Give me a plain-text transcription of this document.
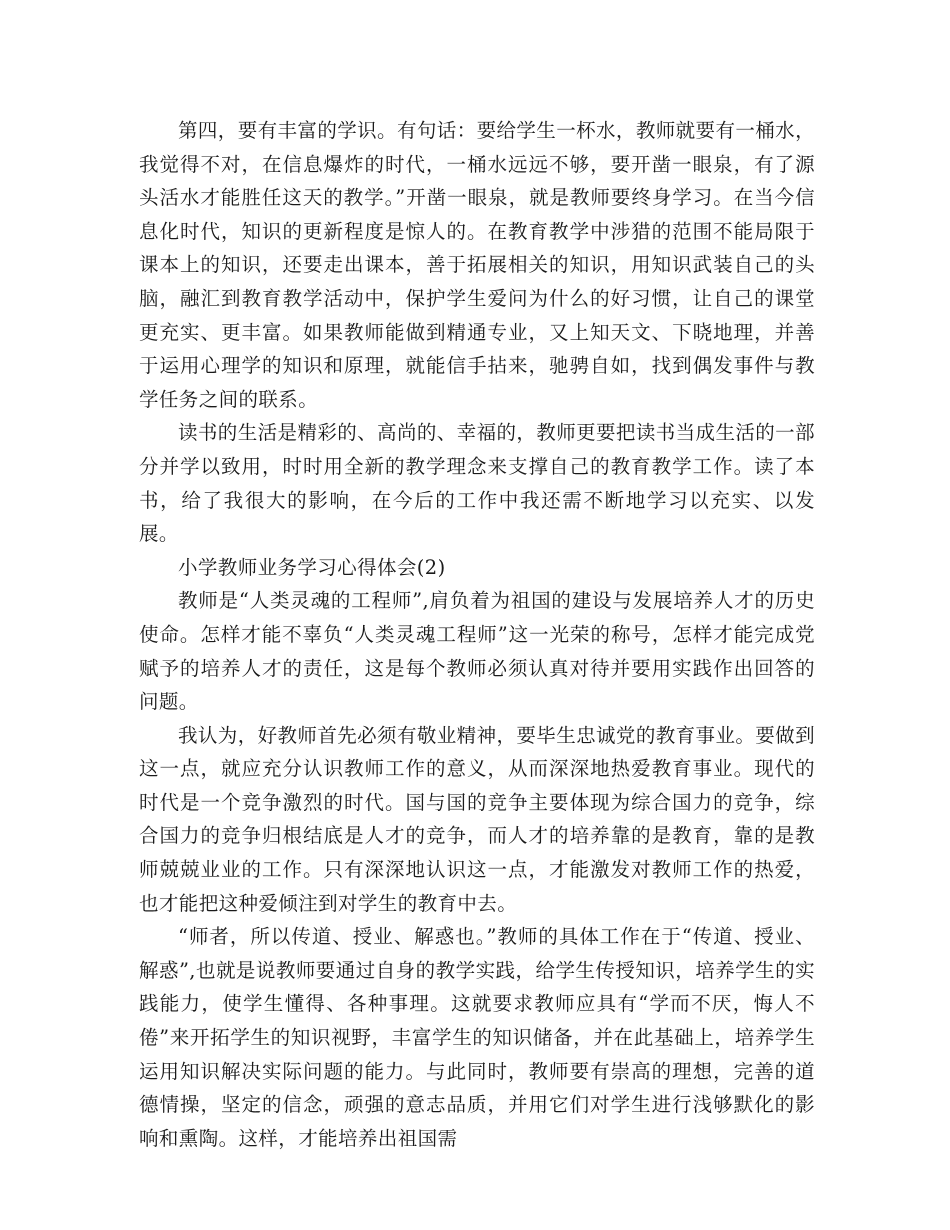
第四，要有丰富的学识。有句话：要给学生一杯水，教师就要有一桶水，我觉得不对，在信息爆炸的时代，一桶水远远不够，要开凿一眼泉，有了源头活水才能胜任这天的教学。”开凿一眼泉，就是教师要终身学习。在当今信息化时代，知识的更新程度是惊人的。在教育教学中涉猎的范围不能局限于课本上的知识，还要走出课本，善于拓展相关的知识，用知识武装自己的头脑，融汇到教育教学活动中，保护学生爱问为什么的好习惯，让自己的课堂更充实、更丰富。如果教师能做到精通专业，又上知天文、下晓地理，并善于运用心理学的知识和原理，就能信手拈来，驰骋自如，找到偶发事件与教学任务之间的联系。

读书的生活是精彩的、高尚的、幸福的，教师更要把读书当成生活的一部分并学以致用，时时用全新的教学理念来支撑自己的教育教学工作。读了本书，给了我很大的影响，在今后的工作中我还需不断地学习以充实、以发展。

小学教师业务学习心得体会(2)

教师是“人类灵魂的工程师”,肩负着为祖国的建设与发展培养人才的历史使命。怎样才能不辜负“人类灵魂工程师”这一光荣的称号，怎样才能完成党赋予的培养人才的责任，这是每个教师必须认真对待并要用实践作出回答的问题。

我认为，好教师首先必须有敬业精神，要毕生忠诚党的教育事业。要做到这一点，就应充分认识教师工作的意义，从而深深地热爱教育事业。现代的时代是一个竞争激烈的时代。国与国的竞争主要体现为综合国力的竞争，综合国力的竞争归根结底是人才的竞争，而人才的培养靠的是教育，靠的是教师兢兢业业的工作。只有深深地认识这一点，才能激发对教师工作的热爱，也才能把这种爱倾注到对学生的教育中去。

“师者，所以传道、授业、解惑也。”教师的具体工作在于“传道、授业、解惑”,也就是说教师要通过自身的教学实践，给学生传授知识，培养学生的实践能力，使学生懂得、各种事理。这就要求教师应具有“学而不厌，悔人不倦”来开拓学生的知识视野，丰富学生的知识储备，并在此基础上，培养学生运用知识解决实际问题的能力。与此同时，教师要有崇高的理想，完善的道德情操，坚定的信念，顽强的意志品质，并用它们对学生进行浅够默化的影响和熏陶。这样，才能培养出祖国需
